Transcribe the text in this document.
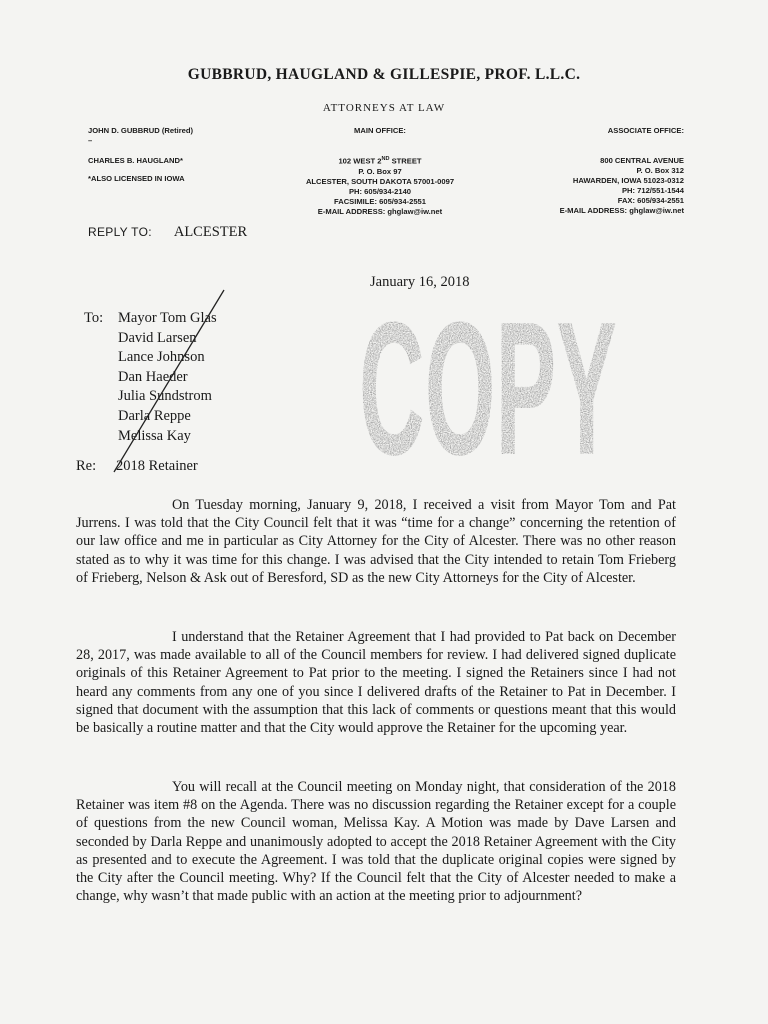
GUBBRUD, HAUGLAND & GILLESPIE, PROF. L.L.C.
ATTORNEYS AT LAW
JOHN D. GUBBRUD (Retired)
–
CHARLES B. HAUGLAND*
*ALSO LICENSED IN IOWA
MAIN OFFICE:
102 WEST 2ND STREET
P. O. Box 97
ALCESTER, SOUTH DAKOTA 57001-0097
PH: 605/934-2140
FACSIMILE: 605/934-2551
E-MAIL ADDRESS: ghglaw@iw.net
ASSOCIATE OFFICE:
800 CENTRAL AVENUE
P. O. Box 312
HAWARDEN, IOWA 51023-0312
PH: 712/551-1544
FAX: 605/934-2551
E-MAIL ADDRESS: ghglaw@iw.net
REPLY TO: ALCESTER
January 16, 2018
COPY
To: Mayor Tom Glas
David Larsen
Lance Johnson
Dan Haeder
Julia Sundstrom
Darla Reppe
Melissa Kay
Re: 2018 Retainer
On Tuesday morning, January 9, 2018, I received a visit from Mayor Tom and Pat Jurrens. I was told that the City Council felt that it was “time for a change” concerning the retention of our law office and me in particular as City Attorney for the City of Alcester. There was no other reason stated as to why it was time for this change. I was advised that the City intended to retain Tom Frieberg of Frieberg, Nelson & Ask out of Beresford, SD as the new City Attorneys for the City of Alcester.
I understand that the Retainer Agreement that I had provided to Pat back on December 28, 2017, was made available to all of the Council members for review. I had delivered signed duplicate originals of this Retainer Agreement to Pat prior to the meeting. I signed the Retainers since I had not heard any comments from any one of you since I delivered drafts of the Retainer to Pat in December. I signed that document with the assumption that this lack of comments or questions meant that this would be basically a routine matter and that the City would approve the Retainer for the upcoming year.
You will recall at the Council meeting on Monday night, that consideration of the 2018 Retainer was item #8 on the Agenda. There was no discussion regarding the Retainer except for a couple of questions from the new Council woman, Melissa Kay. A Motion was made by Dave Larsen and seconded by Darla Reppe and unanimously adopted to accept the 2018 Retainer Agreement with the City as presented and to execute the Agreement. I was told that the duplicate original copies were signed by the City after the Council meeting. Why? If the Council felt that the City of Alcester needed to make a change, why wasn’t that made public with an action at the meeting prior to adjournment?
